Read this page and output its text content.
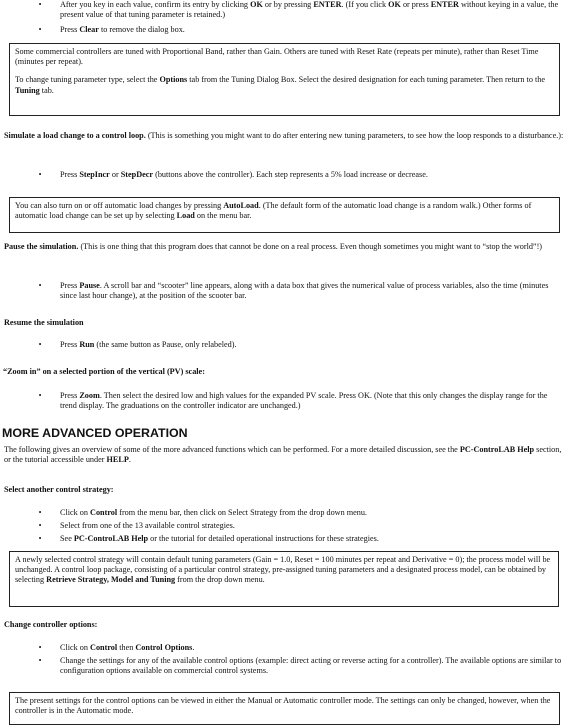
•	After you key in each value, confirm its entry by clicking OK or by pressing ENTER. (If you click OK or press ENTER without keying in a value, the present value of that tuning parameter is retained.)
•	Press Clear to remove the dialog box.
Some commercial controllers are tuned with Proportional Band, rather than Gain. Others are tuned with Reset Rate (repeats per minute), rather than Reset Time (minutes per repeat).
To change tuning parameter type, select the Options tab from the Tuning Dialog Box. Select the desired designation for each tuning parameter. Then return to the Tuning tab.
Simulate a load change to a control loop. (This is something you might want to do after entering new tuning parameters, to see how the loop responds to a disturbance.):
•	Press StepIncr or StepDecr (buttons above the controller). Each step represents a 5% load increase or decrease.
You can also turn on or off automatic load changes by pressing AutoLoad. (The default form of the automatic load change is a random walk.) Other forms of automatic load change can be set up by selecting Load on the menu bar.
Pause the simulation. (This is one thing that this program does that cannot be done on a real process. Even though sometimes you might want to “stop the world”!)
•	Press Pause. A scroll bar and “scooter” line appears, along with a data box that gives the numerical value of process variables, also the time (minutes since last hour change), at the position of the scooter bar.
Resume the simulation
•	Press Run (the same button as Pause, only relabeled).
“Zoom in” on a selected portion of the vertical (PV) scale:
•	Press Zoom. Then select the desired low and high values for the expanded PV scale. Press OK. (Note that this only changes the display range for the trend display. The graduations on the controller indicator are unchanged.)
MORE ADVANCED OPERATION
The following gives an overview of some of the more advanced functions which can be performed. For a more detailed discussion, see the PC-ControLAB Help section, or the tutorial accessible under HELP.
Select another control strategy:
•	Click on Control from the menu bar, then click on Select Strategy from the drop down menu.
•	Select from one of the 13 available control strategies.
•	See PC-ControLAB Help or the tutorial for detailed operational instructions for these strategies.
A newly selected control strategy will contain default tuning parameters (Gain = 1.0, Reset = 100 minutes per repeat and Derivative = 0); the process model will be unchanged. A control loop package, consisting of a particular control strategy, pre-assigned tuning parameters and a designated process model, can be obtained by selecting Retrieve Strategy, Model and Tuning from the drop down menu.
Change controller options:
•	Click on Control then Control Options.
•	Change the settings for any of the available control options (example: direct acting or reverse acting for a controller). The available options are similar to configuration options available on commercial control systems.
The present settings for the control options can be viewed in either the Manual or Automatic controller mode. The settings can only be changed, however, when the controller is in the Automatic mode.
